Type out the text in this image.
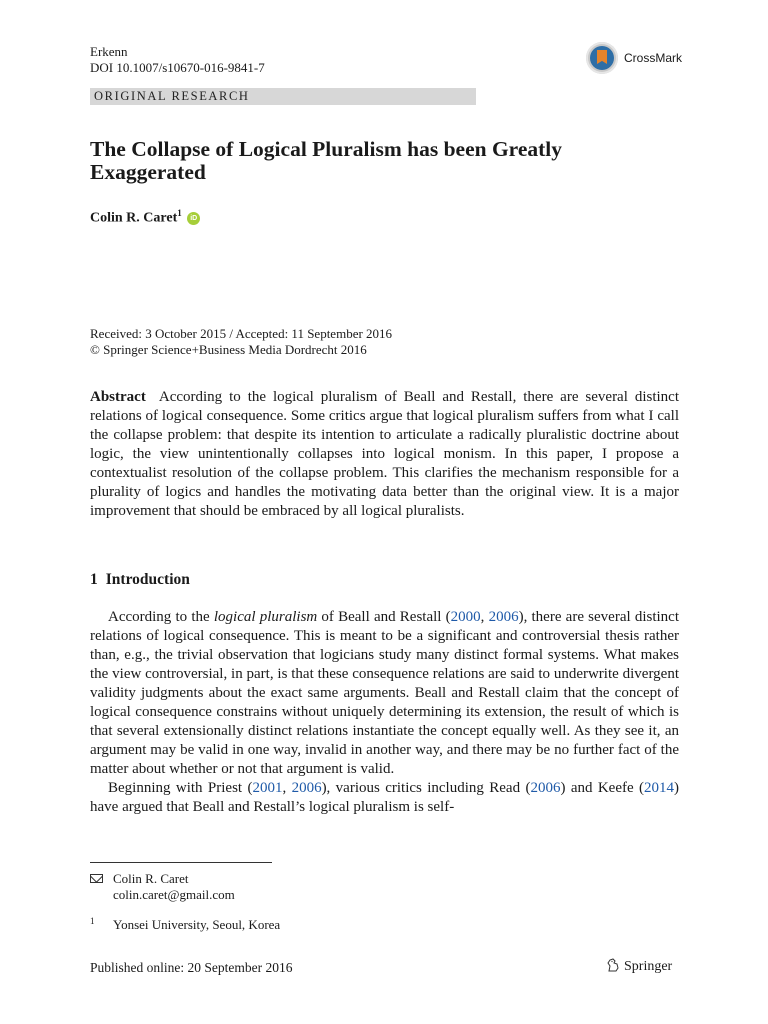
Erkenn
DOI 10.1007/s10670-016-9841-7
CrossMark
ORIGINAL RESEARCH
The Collapse of Logical Pluralism has been Greatly Exaggerated
Colin R. Caret$^1$ iD
Received: 3 October 2015 / Accepted: 11 September 2016
© Springer Science+Business Media Dordrecht 2016
Abstract According to the logical pluralism of Beall and Restall, there are several distinct relations of logical consequence. Some critics argue that logical pluralism suffers from what I call the collapse problem: that despite its intention to articulate a radically pluralistic doctrine about logic, the view unintentionally collapses into logical monism. In this paper, I propose a contextualist resolution of the collapse problem. This clarifies the mechanism responsible for a plurality of logics and handles the motivating data better than the original view. It is a major improvement that should be embraced by all logical pluralists.
1 Introduction

According to the logical pluralism of Beall and Restall (2000, 2006), there are several distinct relations of logical consequence. This is meant to be a significant and controversial thesis rather than, e.g., the trivial observation that logicians study many distinct formal systems. What makes the view controversial, in part, is that these consequence relations are said to underwrite divergent validity judgments about the exact same arguments. Beall and Restall claim that the concept of logical consequence constrains without uniquely determining its extension, the result of which is that several extensionally distinct relations instantiate the concept equally well. As they see it, an argument may be valid in one way, invalid in another way, and there may be no further fact of the matter about whether or not that argument is valid.

Beginning with Priest (2001, 2006), various critics including Read (2006) and Keefe (2014) have argued that Beall and Restall’s logical pluralism is self-

Colin R. Caret
colin.caret@gmail.com
1 Yonsei University, Seoul, Korea
Published online: 20 September 2016	Springer
